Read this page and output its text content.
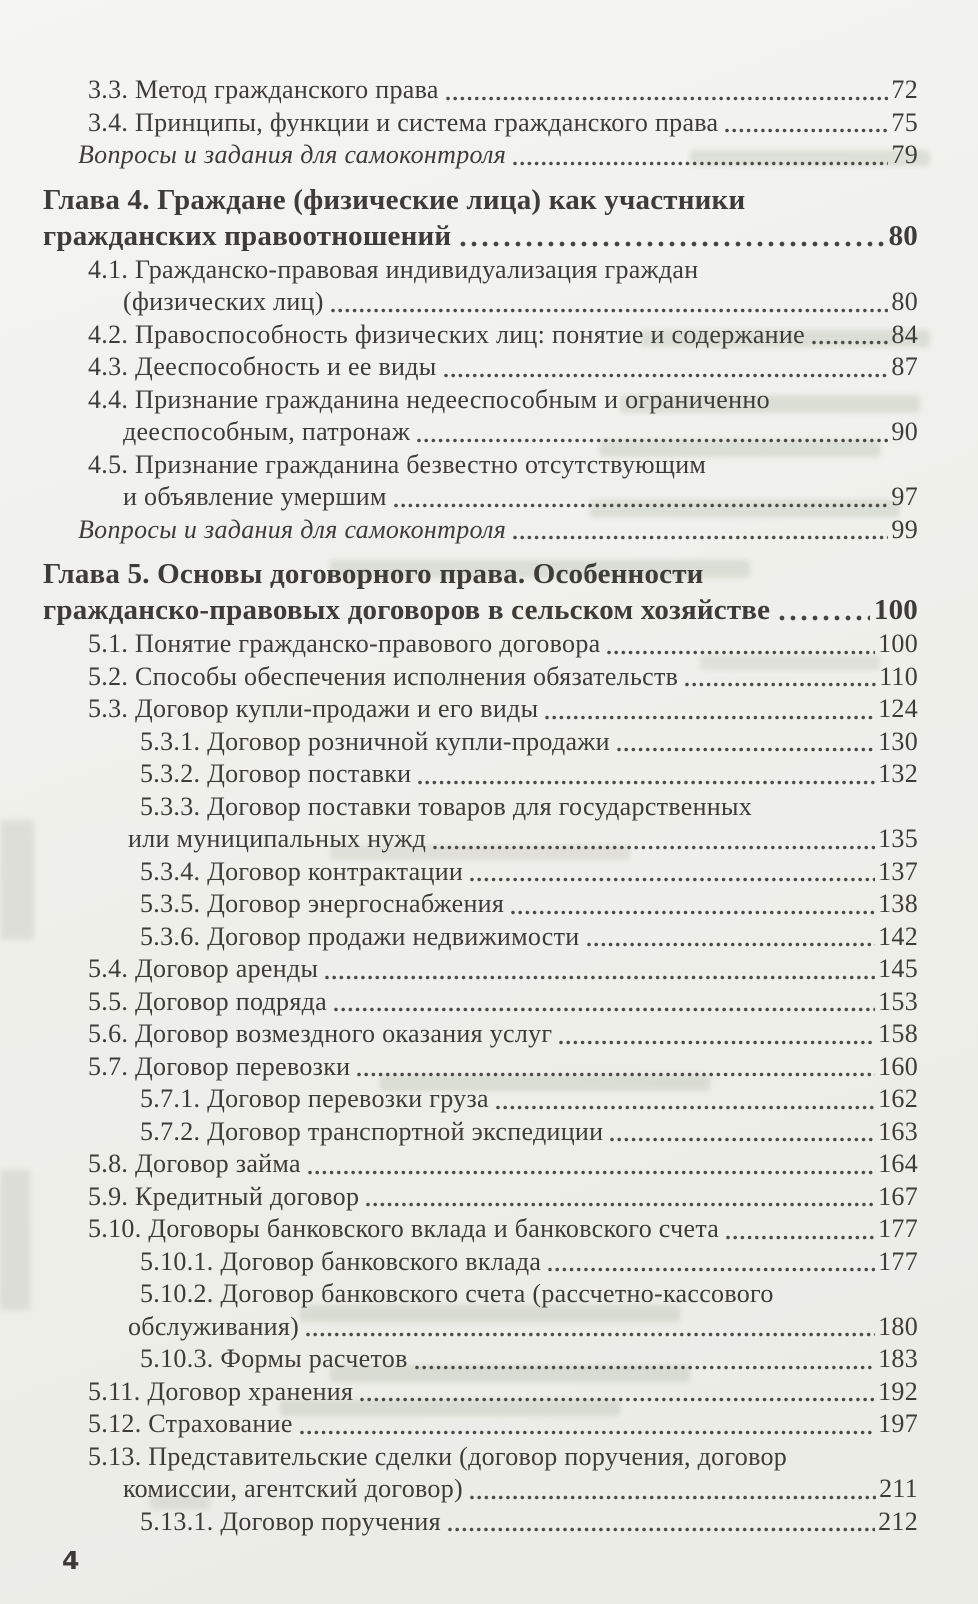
3.3. Метод гражданского права	72
3.4. Принципы, функции и система гражданского права	75
Вопросы и задания для самоконтроля	79
Глава 4. Граждане (физические лица) как участники
гражданских правоотношений	80
4.1. Гражданско-правовая индивидуализация граждан
(физических лиц)	80
4.2. Правоспособность физических лиц: понятие и содержание	84
4.3. Дееспособность и ее виды	87
4.4. Признание гражданина недееспособным и ограниченно
дееспособным, патронаж	90
4.5. Признание гражданина безвестно отсутствующим
и объявление умершим	97
Вопросы и задания для самоконтроля	99
Глава 5. Основы договорного права. Особенности
гражданско-правовых договоров в сельском хозяйстве	100
5.1. Понятие гражданско-правового договора	100
5.2. Способы обеспечения исполнения обязательств	110
5.3. Договор купли-продажи и его виды	124
5.3.1. Договор розничной купли-продажи	130
5.3.2. Договор поставки	132
5.3.3. Договор поставки товаров для государственных
или муниципальных нужд	135
5.3.4. Договор контрактации	137
5.3.5. Договор энергоснабжения	138
5.3.6. Договор продажи недвижимости	142
5.4. Договор аренды	145
5.5. Договор подряда	153
5.6. Договор возмездного оказания услуг	158
5.7. Договор перевозки	160
5.7.1. Договор перевозки груза	162
5.7.2. Договор транспортной экспедиции	163
5.8. Договор займа	164
5.9. Кредитный договор	167
5.10. Договоры банковского вклада и банковского счета	177
5.10.1. Договор банковского вклада	177
5.10.2. Договор банковского счета (рассчетно-кассового
обслуживания)	180
5.10.3. Формы расчетов	183
5.11. Договор хранения	192
5.12. Страхование	197
5.13. Представительские сделки (договор поручения, договор
комиссии, агентский договор)	211
5.13.1. Договор поручения	212
4
